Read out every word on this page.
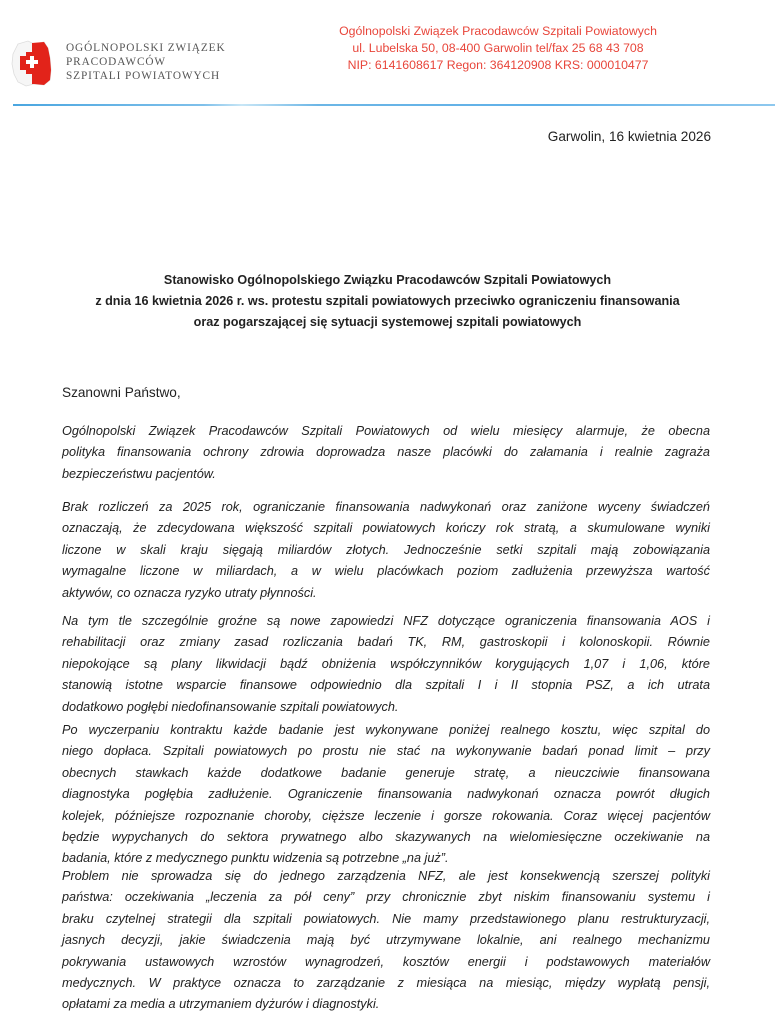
OGÓLNOPOLSKI ZWIĄZEK
PRACODAWCÓW
SZPITALI POWIATOWYCH
Ogólnopolski Związek Pracodawców Szpitali Powiatowych
ul. Lubelska 50, 08-400 Garwolin tel/fax 25 68 43 708
NIP: 6141608617 Regon: 364120908 KRS: 000010477
Garwolin, 16 kwietnia 2026
Stanowisko Ogólnopolskiego Związku Pracodawców Szpitali Powiatowych
z dnia 16 kwietnia 2026 r. ws. protestu szpitali powiatowych przeciwko ograniczeniu finansowania
oraz pogarszającej się sytuacji systemowej szpitali powiatowych
Szanowni Państwo,
Ogólnopolski Związek Pracodawców Szpitali Powiatowych od wielu miesięcy alarmuje, że obecna
polityka finansowania ochrony zdrowia doprowadza nasze placówki do załamania i realnie zagraża
bezpieczeństwu pacjentów.
Brak rozliczeń za 2025 rok, ograniczanie finansowania nadwykonań oraz zaniżone wyceny świadczeń
oznaczają, że zdecydowana większość szpitali powiatowych kończy rok stratą, a skumulowane wyniki
liczone w skali kraju sięgają miliardów złotych. Jednocześnie setki szpitali mają zobowiązania
wymagalne liczone w miliardach, a w wielu placówkach poziom zadłużenia przewyższa wartość
aktywów, co oznacza ryzyko utraty płynności.
Na tym tle szczególnie groźne są nowe zapowiedzi NFZ dotyczące ograniczenia finansowania AOS i
rehabilitacji oraz zmiany zasad rozliczania badań TK, RM, gastroskopii i kolonoskopii. Równie
niepokojące są plany likwidacji bądź obniżenia współczynników korygujących 1,07 i 1,06, które
stanowią istotne wsparcie finansowe odpowiednio dla szpitali I i II stopnia PSZ, a ich utrata
dodatkowo pogłębi niedofinansowanie szpitali powiatowych.
Po wyczerpaniu kontraktu każde badanie jest wykonywane poniżej realnego kosztu, więc szpital do
niego dopłaca. Szpitali powiatowych po prostu nie stać na wykonywanie badań ponad limit – przy
obecnych stawkach każde dodatkowe badanie generuje stratę, a nieuczciwie finansowana
diagnostyka pogłębia zadłużenie. Ograniczenie finansowania nadwykonań oznacza powrót długich
kolejek, późniejsze rozpoznanie choroby, cięższe leczenie i gorsze rokowania. Coraz więcej pacjentów
będzie wypychanych do sektora prywatnego albo skazywanych na wielomiesięczne oczekiwanie na
badania, które z medycznego punktu widzenia są potrzebne „na już”.
Problem nie sprowadza się do jednego zarządzenia NFZ, ale jest konsekwencją szerszej polityki
państwa: oczekiwania „leczenia za pół ceny” przy chronicznie zbyt niskim finansowaniu systemu i
braku czytelnej strategii dla szpitali powiatowych. Nie mamy przedstawionego planu restrukturyzacji,
jasnych decyzji, jakie świadczenia mają być utrzymywane lokalnie, ani realnego mechanizmu
pokrywania ustawowych wzrostów wynagrodzeń, kosztów energii i podstawowych materiałów
medycznych. W praktyce oznacza to zarządzanie z miesiąca na miesiąc, między wypłatą pensji,
opłatami za media a utrzymaniem dyżurów i diagnostyki.
